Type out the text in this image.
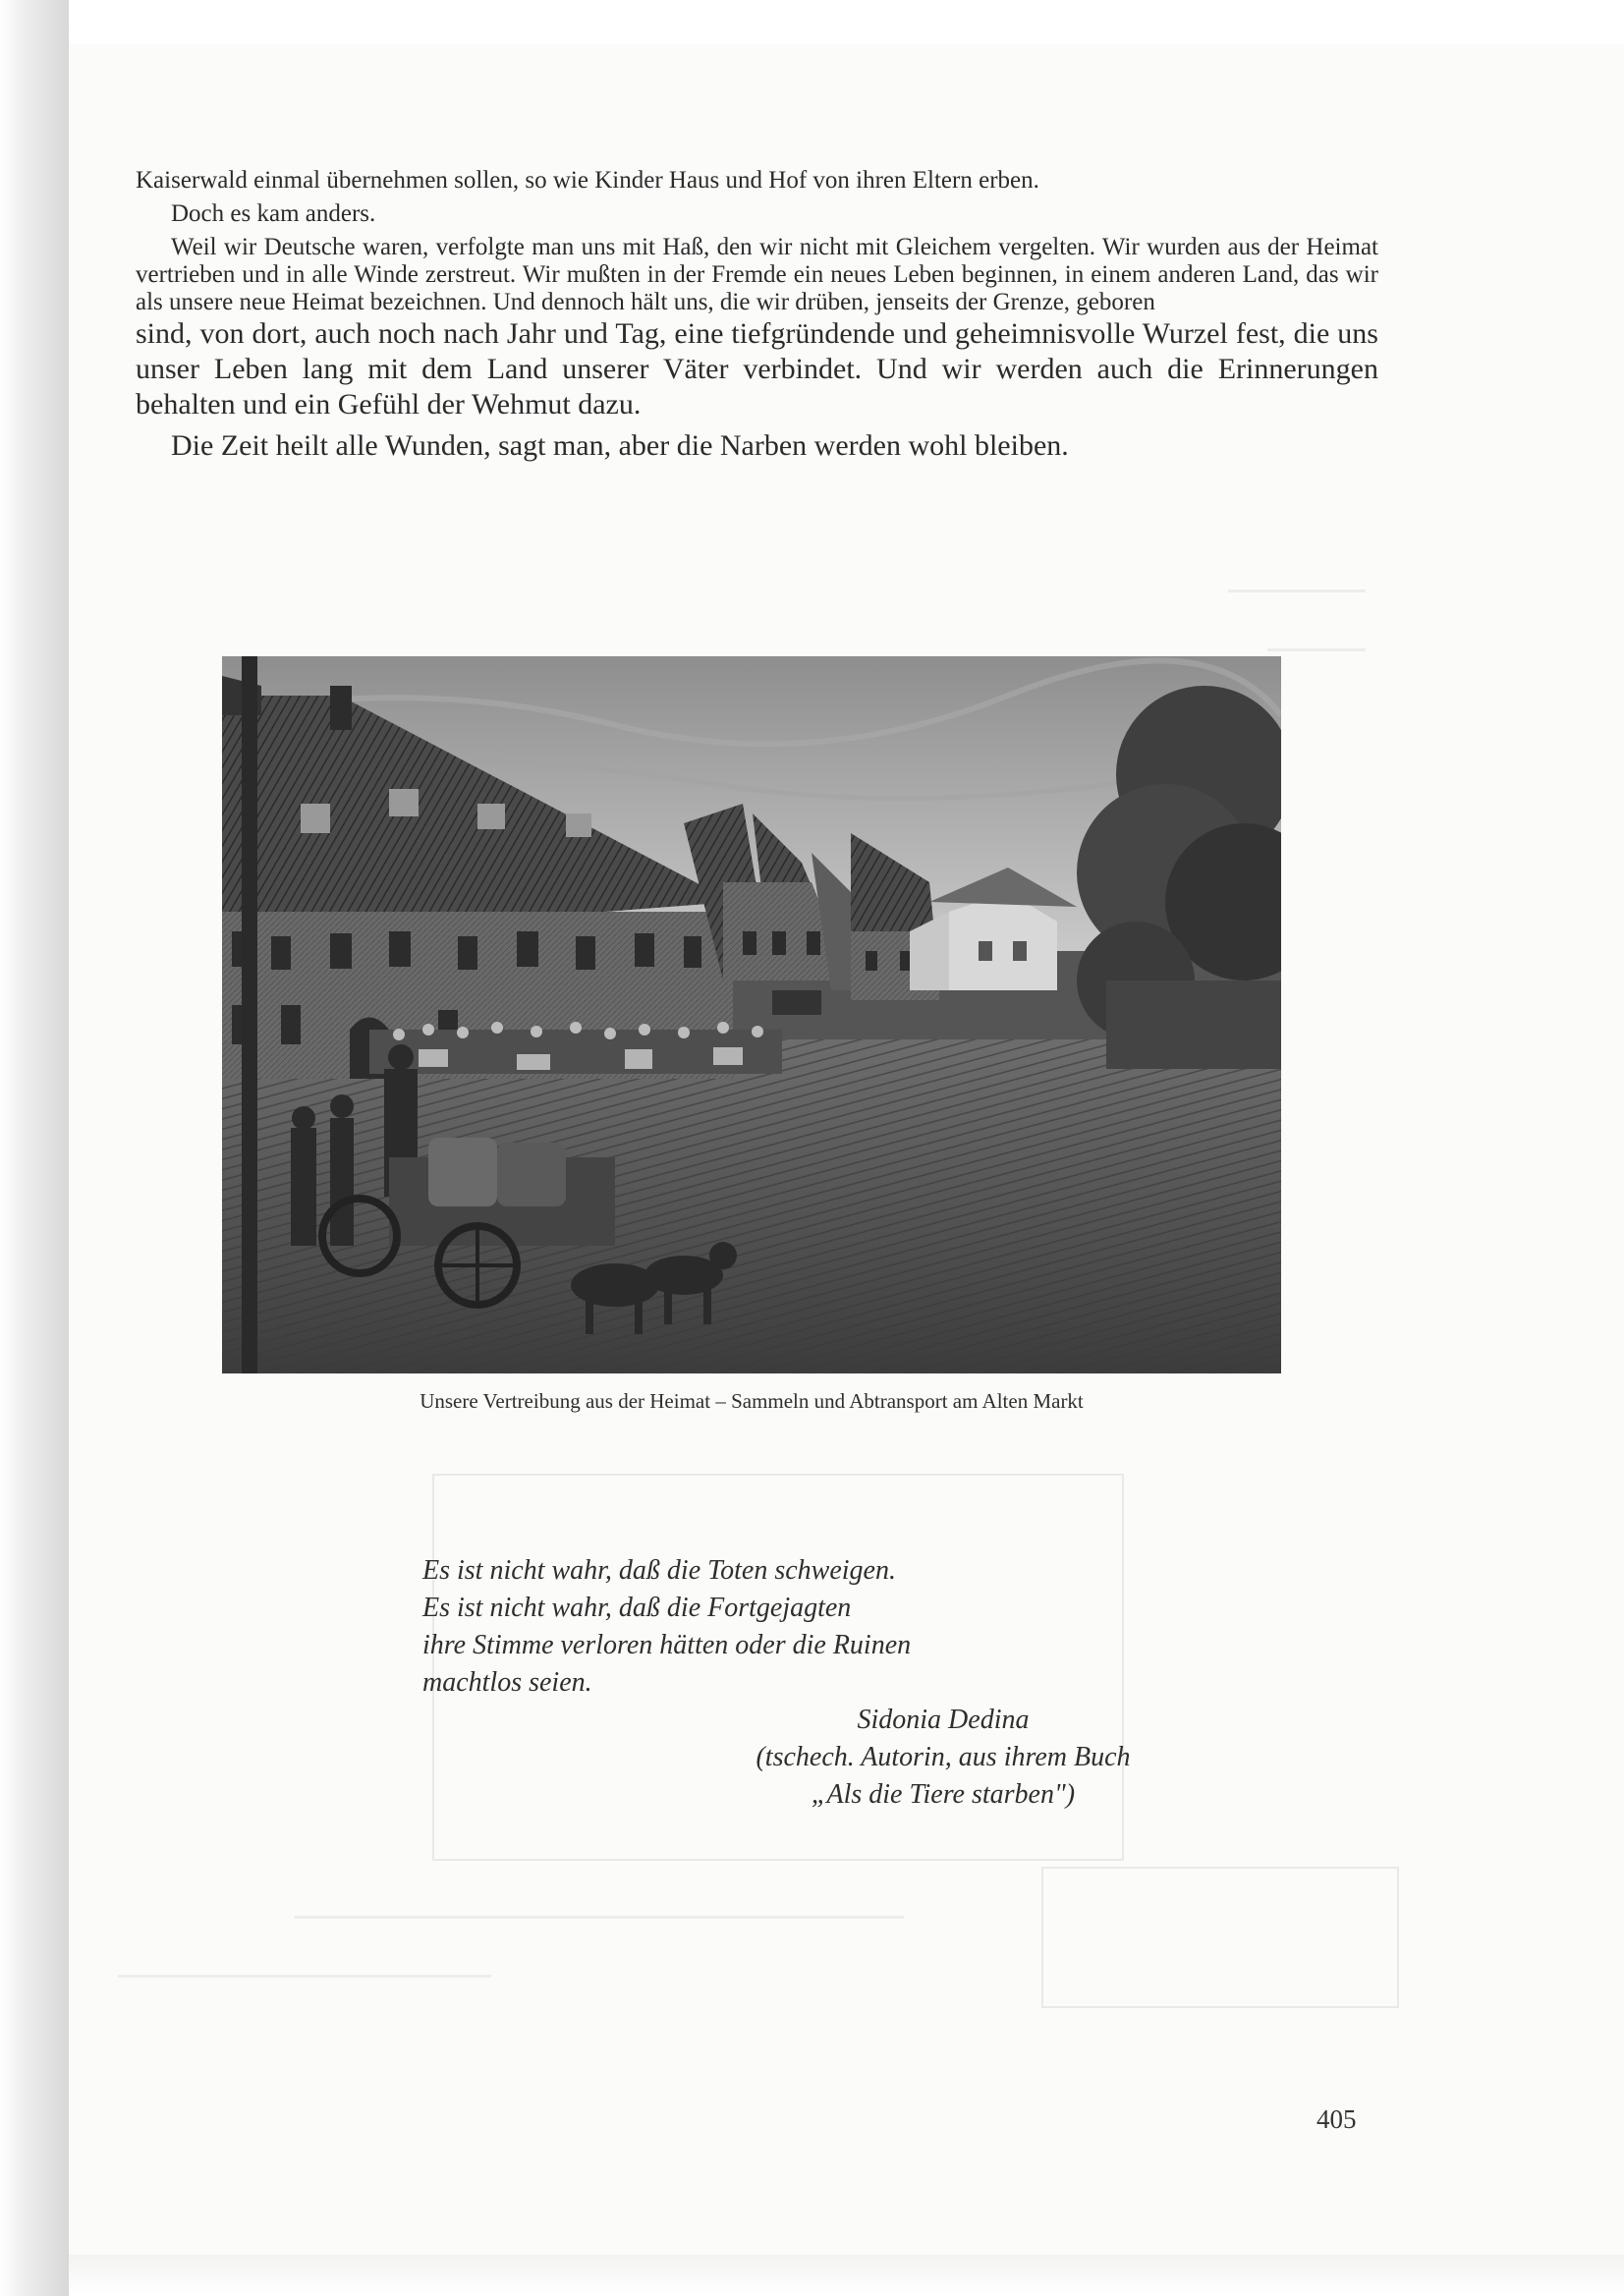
Kaiserwald einmal übernehmen sollen, so wie Kinder Haus und Hof von ihren Eltern erben.

Doch es kam anders.

Weil wir Deutsche waren, verfolgte man uns mit Haß, den wir nicht mit Gleichem vergelten. Wir wurden aus der Heimat vertrieben und in alle Winde zerstreut. Wir mußten in der Fremde ein neues Leben beginnen, in einem anderen Land, das wir als unsere neue Heimat bezeichnen. Und dennoch hält uns, die wir drüben, jenseits der Grenze, geboren

sind, von dort, auch noch nach Jahr und Tag, eine tiefgründende und geheimnisvolle Wurzel fest, die uns unser Leben lang mit dem Land unserer Väter verbindet. Und wir werden auch die Erinnerungen behalten und ein Gefühl der Wehmut dazu.

Die Zeit heilt alle Wunden, sagt man, aber die Narben werden wohl bleiben.

Unsere Vertreibung aus der Heimat – Sammeln und Abtransport am Alten Markt
Es ist nicht wahr, daß die Toten schweigen.
Es ist nicht wahr, daß die Fortgejagten
ihre Stimme verloren hätten oder die Ruinen
machtlos seien.
Sidonia Dedina
(tschech. Autorin, aus ihrem Buch
„Als die Tiere starben")
405
